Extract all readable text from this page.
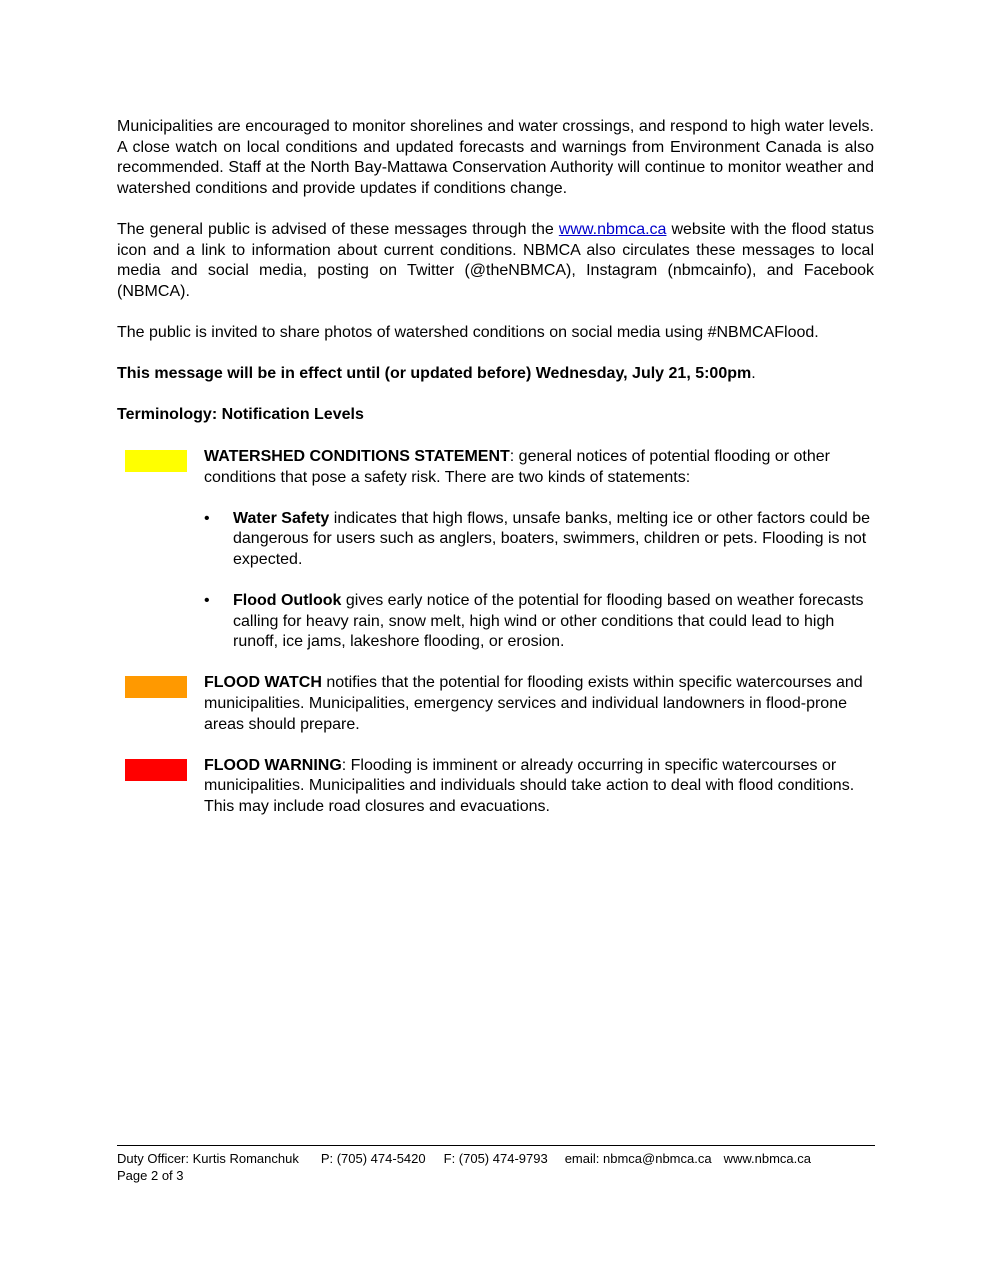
Municipalities are encouraged to monitor shorelines and water crossings, and respond to high water levels. A close watch on local conditions and updated forecasts and warnings from Environment Canada is also recommended. Staff at the North Bay-Mattawa Conservation Authority will continue to monitor weather and watershed conditions and provide updates if conditions change.

The general public is advised of these messages through the www.nbmca.ca website with the flood status icon and a link to information about current conditions. NBMCA also circulates these messages to local media and social media, posting on Twitter (@theNBMCA), Instagram (nbmcainfo), and Facebook (NBMCA).

The public is invited to share photos of watershed conditions on social media using #NBMCAFlood.

This message will be in effect until (or updated before) Wednesday, July 21, 5:00pm.

Terminology: Notification Levels

WATERSHED CONDITIONS STATEMENT: general notices of potential flooding or other conditions that pose a safety risk. There are two kinds of statements:

• Water Safety indicates that high flows, unsafe banks, melting ice or other factors could be dangerous for users such as anglers, boaters, swimmers, children or pets. Flooding is not expected.
• Flood Outlook gives early notice of the potential for flooding based on weather forecasts calling for heavy rain, snow melt, high wind or other conditions that could lead to high runoff, ice jams, lakeshore flooding, or erosion.

FLOOD WATCH notifies that the potential for flooding exists within specific watercourses and municipalities. Municipalities, emergency services and individual landowners in flood-prone areas should prepare.

FLOOD WARNING: Flooding is imminent or already occurring in specific watercourses or municipalities. Municipalities and individuals should take action to deal with flood conditions. This may include road closures and evacuations.

Duty Officer: Kurtis Romanchuk P: (705) 474-5420 F: (705) 474-9793 email: nbmca@nbmca.ca www.nbmca.ca
Page 2 of 3
